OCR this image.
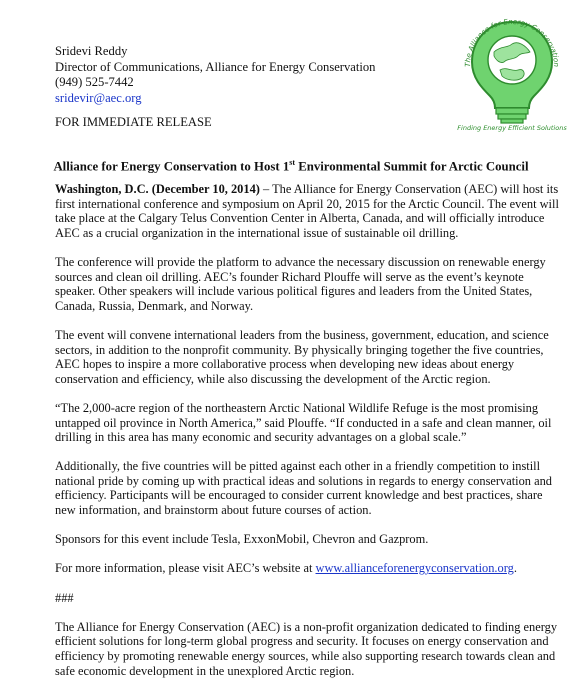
Sridevi Reddy
Director of Communications, Alliance for Energy Conservation
(949) 525-7442
sridevir@aec.org
FOR IMMEDIATE RELEASE
The Alliance for Energy Conservation
Finding Energy Efficient Solutions
Alliance for Energy Conservation to Host 1st Environmental Summit for Arctic Council

Washington, D.C. (December 10, 2014) – The Alliance for Energy Conservation (AEC) will host its first international conference and symposium on April 20, 2015 for the Arctic Council. The event will take place at the Calgary Telus Convention Center in Alberta, Canada, and will officially introduce AEC as a crucial organization in the international issue of sustainable oil drilling.

The conference will provide the platform to advance the necessary discussion on renewable energy sources and clean oil drilling. AEC’s founder Richard Plouffe will serve as the event’s keynote speaker. Other speakers will include various political figures and leaders from the United States, Canada, Russia, Denmark, and Norway.

The event will convene international leaders from the business, government, education, and science sectors, in addition to the nonprofit community. By physically bringing together the five countries, AEC hopes to inspire a more collaborative process when developing new ideas about energy conservation and efficiency, while also discussing the development of the Arctic region.

“The 2,000-acre region of the northeastern Arctic National Wildlife Refuge is the most promising untapped oil province in North America,” said Plouffe. “If conducted in a safe and clean manner, oil drilling in this area has many economic and security advantages on a global scale.”

Additionally, the five countries will be pitted against each other in a friendly competition to instill national pride by coming up with practical ideas and solutions in regards to energy conservation and efficiency. Participants will be encouraged to consider current knowledge and best practices, share new information, and brainstorm about future courses of action.

Sponsors for this event include Tesla, ExxonMobil, Chevron and Gazprom.

For more information, please visit AEC’s website at www.allianceforenergyconservation.org.

###

The Alliance for Energy Conservation (AEC) is a non-profit organization dedicated to finding energy efficient solutions for long-term global progress and security. It focuses on energy conservation and efficiency by promoting renewable energy sources, while also supporting research towards clean and safe economic development in the unexplored Arctic region.
